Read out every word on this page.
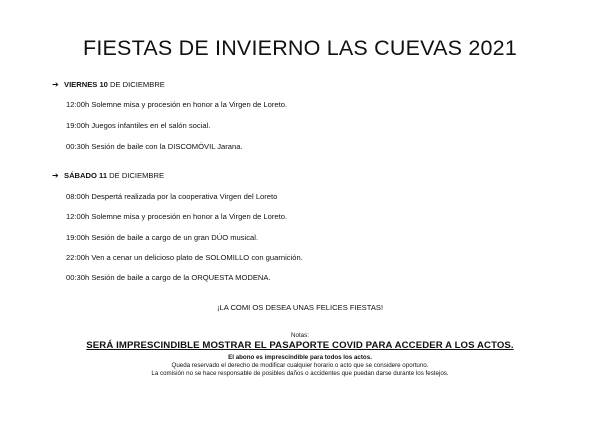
FIESTAS DE INVIERNO LAS CUEVAS 2021
➔ VIERNES 10 DE DICIEMBRE
12:00h Solemne misa y procesión en honor a la Virgen de Loreto.
19:00h Juegos infantiles en el salón social.
00:30h Sesión de baile con la DISCOMÓVIL Jarana.
➔ SÁBADO 11 DE DICIEMBRE
08:00h Despertá realizada por la cooperativa Virgen del Loreto
12:00h Solemne misa y procesión en honor a la Virgen de Loreto.
19:00h Sesión de baile a cargo de un gran DÚO musical.
22:00h Ven a cenar un delicioso plato de SOLOMILLO con guarnición.
00:30h Sesión de baile a cargo de la ORQUESTA MODENA.
¡LA COMI OS DESEA UNAS FELICES FIESTAS!
Notas:
SERÁ IMPRESCINDIBLE MOSTRAR EL PASAPORTE COVID PARA ACCEDER A LOS ACTOS.
El abono es imprescindible para todos los actos.
Queda reservado el derecho de modificar cualquier horario o acto que se considere oportuno.
La comisión no se hace responsable de posibles daños o accidentes que puedan darse durante los festejos.
